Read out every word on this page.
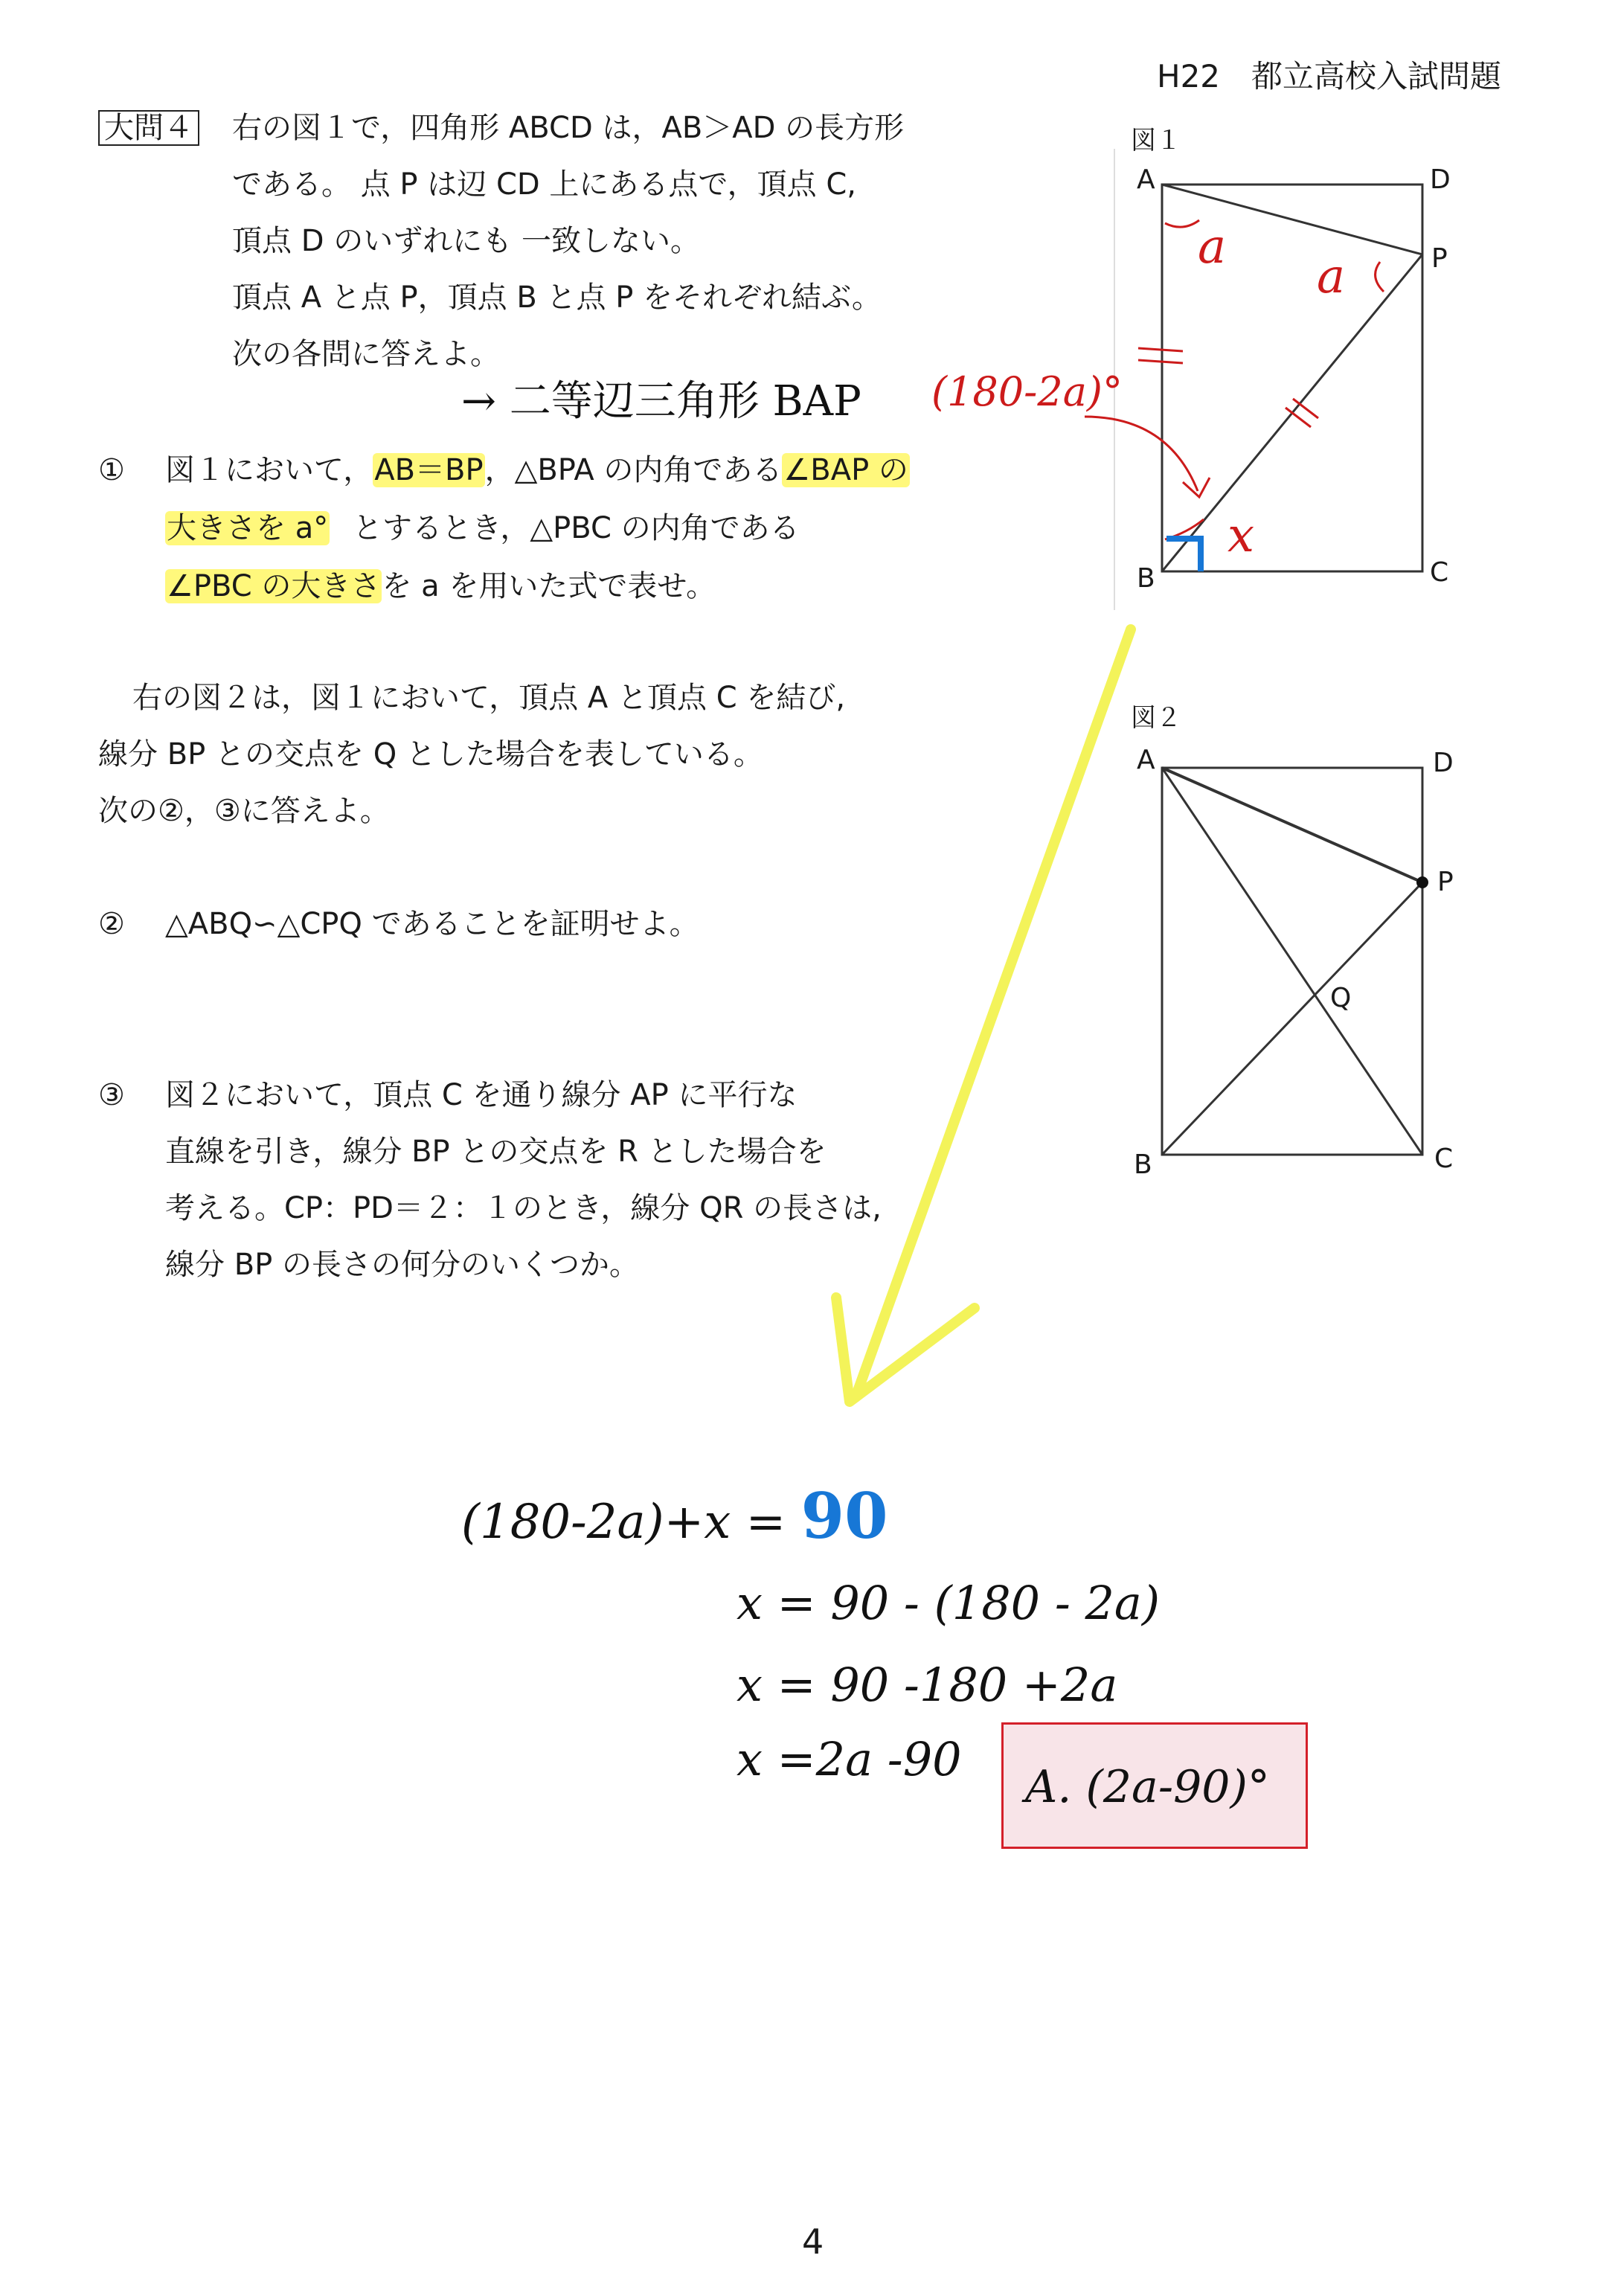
H22　都立高校入試問題
大問４ 右の図１で，四角形 ABCD は，AB＞AD の長方形
である。 点 P は辺 CD 上にある点で，頂点 C,
頂点 D のいずれにも 一致しない。
頂点 A と点 P，頂点 B と点 P をそれぞれ結ぶ。
次の各問に答えよ。
① 図１において，AB＝BP，△BPA の内角である∠BAP の
大きさを a° とするとき，△PBC の内角である
∠PBC の大きさを a を用いた式で表せ。
右の図２は，図１において，頂点 A と頂点 C を結び,
線分 BP との交点を Q とした場合を表している。
次の②，③に答えよ。
② △ABQ∽△CPQ であることを証明せよ。
③ 図２において，頂点 C を通り線分 AP に平行な
直線を引き，線分 BP との交点を R とした場合を
考える。CP：PD＝２：１のとき，線分 QR の長さは,
線分 BP の長さの何分のいくつか。
図１
A	D
P
B	C
図２
A	D
P
Q
B	C
a
a
x
→ 二等辺三角形 BAP (180-2a)°
(180-2a)+x = 90
x = 90 - (180 - 2a)
x = 90 -180 +2a
x =2a -90
A. (2a-90)°
4
